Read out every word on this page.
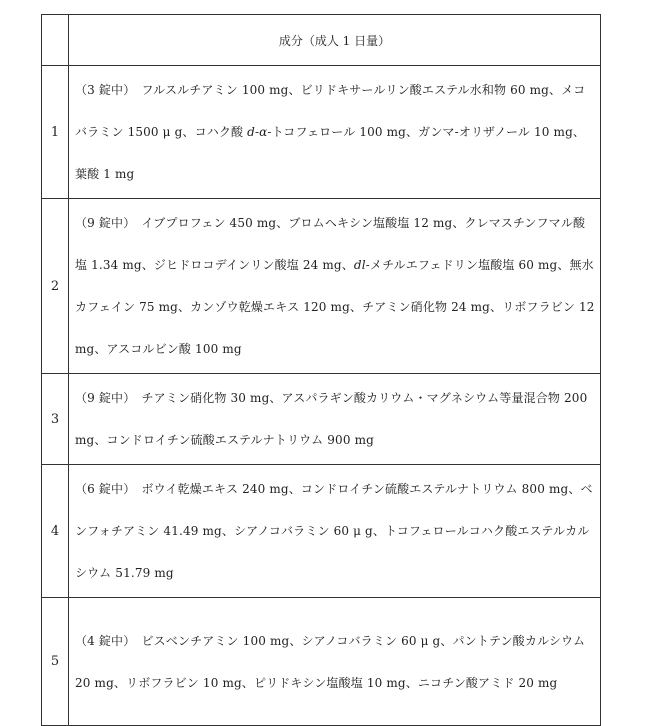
	成分（成人 1 日量）
1	（3 錠中）　フルスルチアミン 100 mg、ビリドキサールリン酸エステル水和物 60 mg、メコバラミン 1500 μ g、コハク酸 d-α-トコフェロール 100 mg、ガンマ-オリザノール 10 mg、葉酸 1 mg
2	（9 錠中）　イブプロフェン 450 mg、ブロムヘキシン塩酸塩 12 mg、クレマスチンフマル酸塩 1.34 mg、ジヒドロコデインリン酸塩 24 mg、dl-メチルエフェドリン塩酸塩 60 mg、無水カフェイン 75 mg、カンゾウ乾燥エキス 120 mg、チアミン硝化物 24 mg、リボフラビン 12 mg、アスコルビン酸 100 mg
3	（9 錠中）　チアミン硝化物 30 mg、アスパラギン酸カリウム・マグネシウム等量混合物 200 mg、コンドロイチン硫酸エステルナトリウム 900 mg
4	（6 錠中）　ボウイ乾燥エキス 240 mg、コンドロイチン硫酸エステルナトリウム 800 mg、ベンフォチアミン 41.49 mg、シアノコバラミン 60 μ g、トコフェロールコハク酸エステルカルシウム 51.79 mg
5	（4 錠中）　ビスベンチアミン 100 mg、シアノコバラミン 60 μ g、パントテン酸カルシウム 20 mg、リボフラビン 10 mg、ピリドキシン塩酸塩 10 mg、ニコチン酸アミド 20 mg
